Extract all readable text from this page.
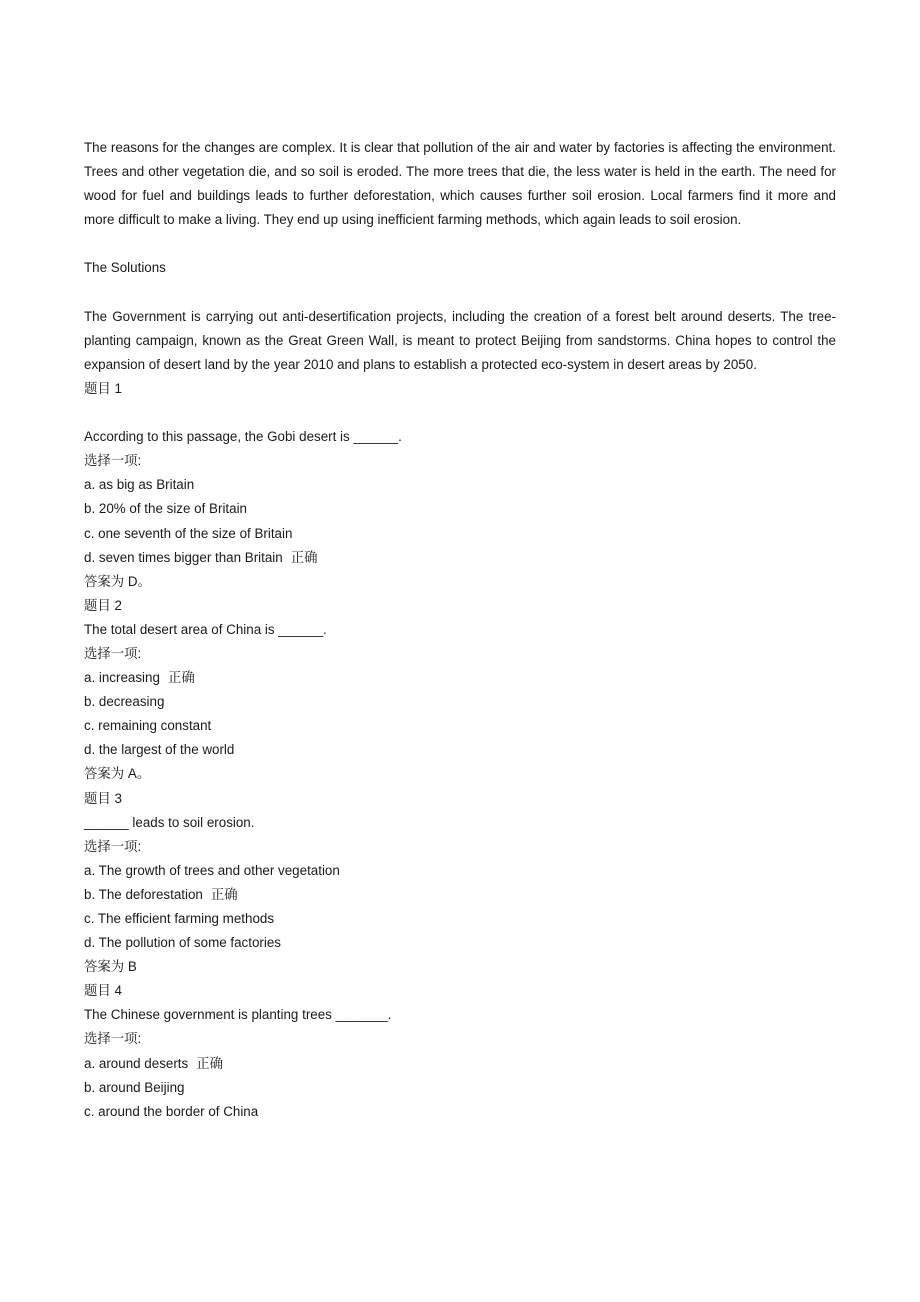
The reasons for the changes are complex. It is clear that pollution of the air and water by factories is affecting the environment. Trees and other vegetation die, and so soil is eroded. The more trees that die, the less water is held in the earth. The need for wood for fuel and buildings leads to further deforestation, which causes further soil erosion. Local farmers find it more and more difficult to make a living. They end up using inefficient farming methods, which again leads to soil erosion.

The Solutions

The Government is carrying out anti-desertification projects, including the creation of a forest belt around deserts. The tree-planting campaign, known as the Great Green Wall, is meant to protect Beijing from sandstorms. China hopes to control the expansion of desert land by the year 2010 and plans to establish a protected eco-system in desert areas by 2050.

题目 1

According to this passage, the Gobi desert is ______.

选择一项:

a. as big as Britain

b. 20% of the size of Britain

c. one seventh of the size of Britain

d. seven times bigger than Britain 正确

答案为 D。

题目 2

The total desert area of China is ______.

选择一项:

a. increasing 正确

b. decreasing

c. remaining constant

d. the largest of the world

答案为 A。

题目 3

______ leads to soil erosion.

选择一项:

a. The growth of trees and other vegetation

b. The deforestation 正确

c. The efficient farming methods

d. The pollution of some factories

答案为 B

题目 4

The Chinese government is planting trees _______.

选择一项:

a. around deserts 正确

b. around Beijing

c. around the border of China
